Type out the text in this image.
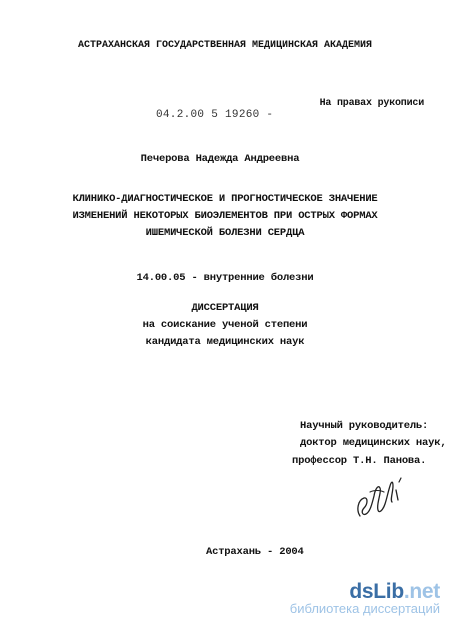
АСТРАХАНСКАЯ ГОСУДАРСТВЕННАЯ МЕДИЦИНСКАЯ АКАДЕМИЯ
На правах рукописи
04.2.00 5 19260 -
Печерова Надежда Андреевна
КЛИНИКО-ДИАГНОСТИЧЕСКОЕ И ПРОГНОСТИЧЕСКОЕ ЗНАЧЕНИЕ
ИЗМЕНЕНИЙ НЕКОТОРЫХ БИОЭЛЕМЕНТОВ ПРИ ОСТРЫХ ФОРМАХ
ИШЕМИЧЕСКОЙ БОЛЕЗНИ СЕРДЦА
14.00.05 - внутренние болезни
ДИССЕРТАЦИЯ
на соискание ученой степени
кандидата медицинских наук
Научный руководитель:
доктор медицинских наук,
профессор Т.Н. Панова.
Астрахань - 2004
dsLib.net
библиотека диссертаций
